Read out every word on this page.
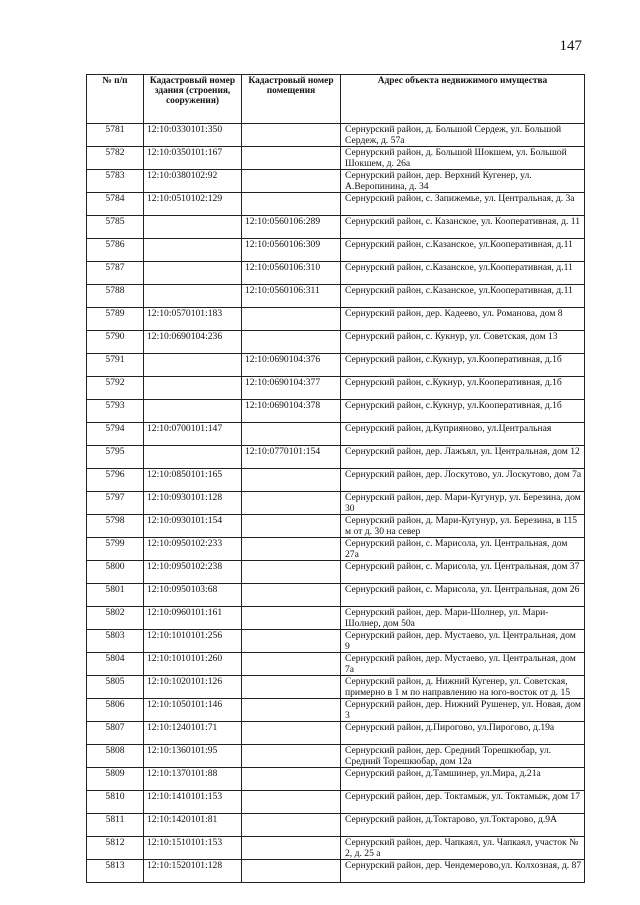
147
№ п/п	Кадастровый номер здания (строения, сооружения)	Кадастровый номер помещения	Адрес объекта недвижимого имущества
5781	12:10:0330101:350		Сернурский район, д. Большой Сердеж, ул. Большой Сердеж, д. 57а
5782	12:10:0350101:167		Сернурский район, д. Большой Шокшем, ул. Большой Шокшем, д. 26а
5783	12:10:0380102:92		Сернурский район, дер. Верхний Кугенер, ул. А.Веропинина, д. 34
5784	12:10:0510102:129		Сернурский район, с. Запижемье, ул. Центральная, д. 3а
5785		12:10:0560106:289	Сернурский район, с. Казанское, ул. Кооперативная, д. 11
5786		12:10:0560106:309	Сернурский район, с.Казанское, ул.Кооперативная, д.11
5787		12:10:0560106:310	Сернурский район, с.Казанское, ул.Кооперативная, д.11
5788		12:10:0560106:311	Сернурский район, с.Казанское, ул.Кооперативная, д.11
5789	12:10:0570101:183		Сернурский район, дер. Кадеево, ул. Романова, дом 8
5790	12:10:0690104:236		Сернурский район, с. Кукнур, ул. Советская, дом 13
5791		12:10:0690104:376	Сернурский район, с.Кукнур, ул.Кооперативная, д.1б
5792		12:10:0690104:377	Сернурский район, с.Кукнур, ул.Кооперативная, д.1б
5793		12:10:0690104:378	Сернурский район, с.Кукнур, ул.Кооперативная, д.1б
5794	12:10:0700101:147		Сернурский район, д.Куприяново, ул.Центральная
5795		12:10:0770101:154	Сернурский район, дер. Лажъял, ул. Центральная, дом 12
5796	12:10:0850101:165		Сернурский район, дер. Лоскутово, ул. Лоскутово, дом 7а
5797	12:10:0930101:128		Сернурский район, дер. Мари-Кугунур, ул. Березина, дом 30
5798	12:10:0930101:154		Сернурский район, д. Мари-Кугунур, ул. Березина, в 115 м от д. 30 на север
5799	12:10:0950102:233		Сернурский район, с. Марисола, ул. Центральная, дом 27а
5800	12:10:0950102:238		Сернурский район, с. Марисола, ул. Центральная, дом 37
5801	12:10:0950103:68		Сернурский район, с. Марисола, ул. Центральная, дом 26
5802	12:10:0960101:161		Сернурский район, дер. Мари-Шолнер, ул. Мари-Шолнер, дом 50а
5803	12:10:1010101:256		Сернурский район, дер. Мустаево, ул. Центральная, дом 9
5804	12:10:1010101:260		Сернурский район, дер. Мустаево, ул. Центральная, дом 7а
5805	12:10:1020101:126		Сернурский район, д. Нижний Кугенер, ул. Советская, примерно в 1 м по направлению на юго-восток от д. 15
5806	12:10:1050101:146		Сернурский район, дер. Нижний Рушенер, ул. Новая, дом 3
5807	12:10:1240101:71		Сернурский район, д.Пирогово, ул.Пирогово, д.19а
5808	12:10:1360101:95		Сернурский район, дер. Средний Торешкюбар, ул. Средний Торешкюбар, дом 12а
5809	12:10:1370101:88		Сернурский район, д.Тамшинер, ул.Мира, д.21а
5810	12:10:1410101:153		Сернурский район, дер. Токтамыж, ул. Токтамыж, дом 17
5811	12:10:1420101:81		Сернурский район, д.Токтарово, ул.Токтарово, д.9А
5812	12:10:1510101:153		Сернурский район, дер. Чапкаял, ул. Чапкаял, участок № 2, д. 25 а
5813	12:10:1520101:128		Сернурский район, дер. Чендемерово,ул. Колхозная, д. 87
